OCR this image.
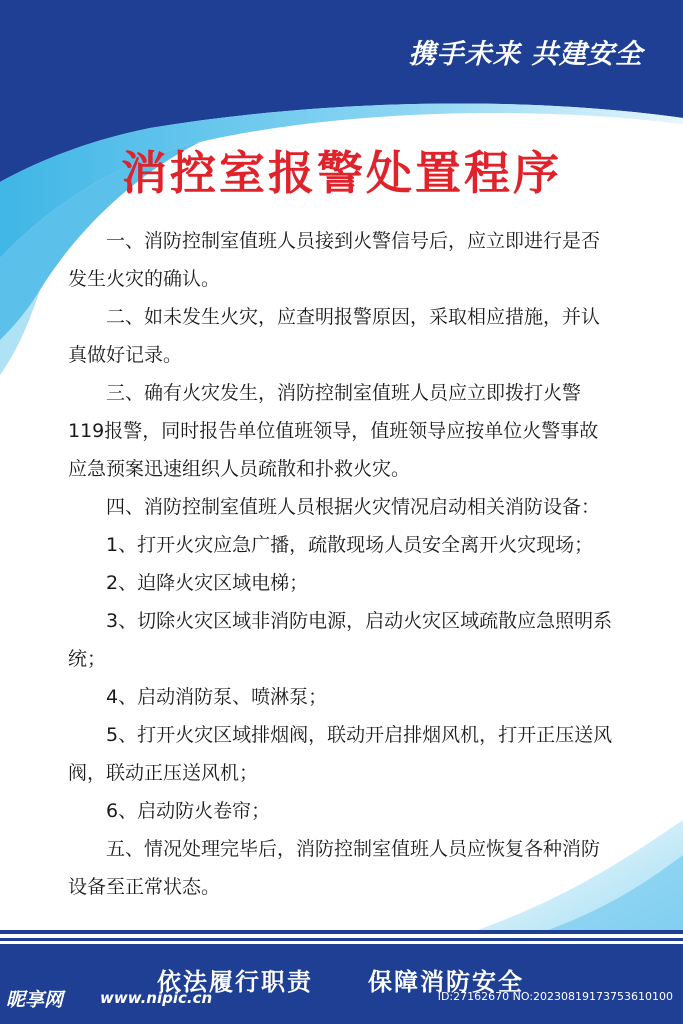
携手未来 共建安全
消控室报警处置程序

一、消防控制室值班人员接到火警信号后，应立即进行是否发生火灾的确认。

二、如未发生火灾，应查明报警原因，采取相应措施，并认真做好记录。

三、确有火灾发生，消防控制室值班人员应立即拨打火警119报警，同时报告单位值班领导，值班领导应按单位火警事故应急预案迅速组织人员疏散和扑救火灾。

四、消防控制室值班人员根据火灾情况启动相关消防设备：

1、打开火灾应急广播，疏散现场人员安全离开火灾现场；

2、迫降火灾区域电梯；

3、切除火灾区域非消防电源，启动火灾区域疏散应急照明系统；

4、启动消防泵、喷淋泵；

5、打开火灾区域排烟阀，联动开启排烟风机，打开正压送风阀，联动正压送风机；

6、启动防火卷帘；

五、情况处理完毕后，消防控制室值班人员应恢复各种消防设备至正常状态。

依法履行职责 保障消防安全
昵享网 www.nipic.cn	ID:27162670 NO:20230819173753610100
